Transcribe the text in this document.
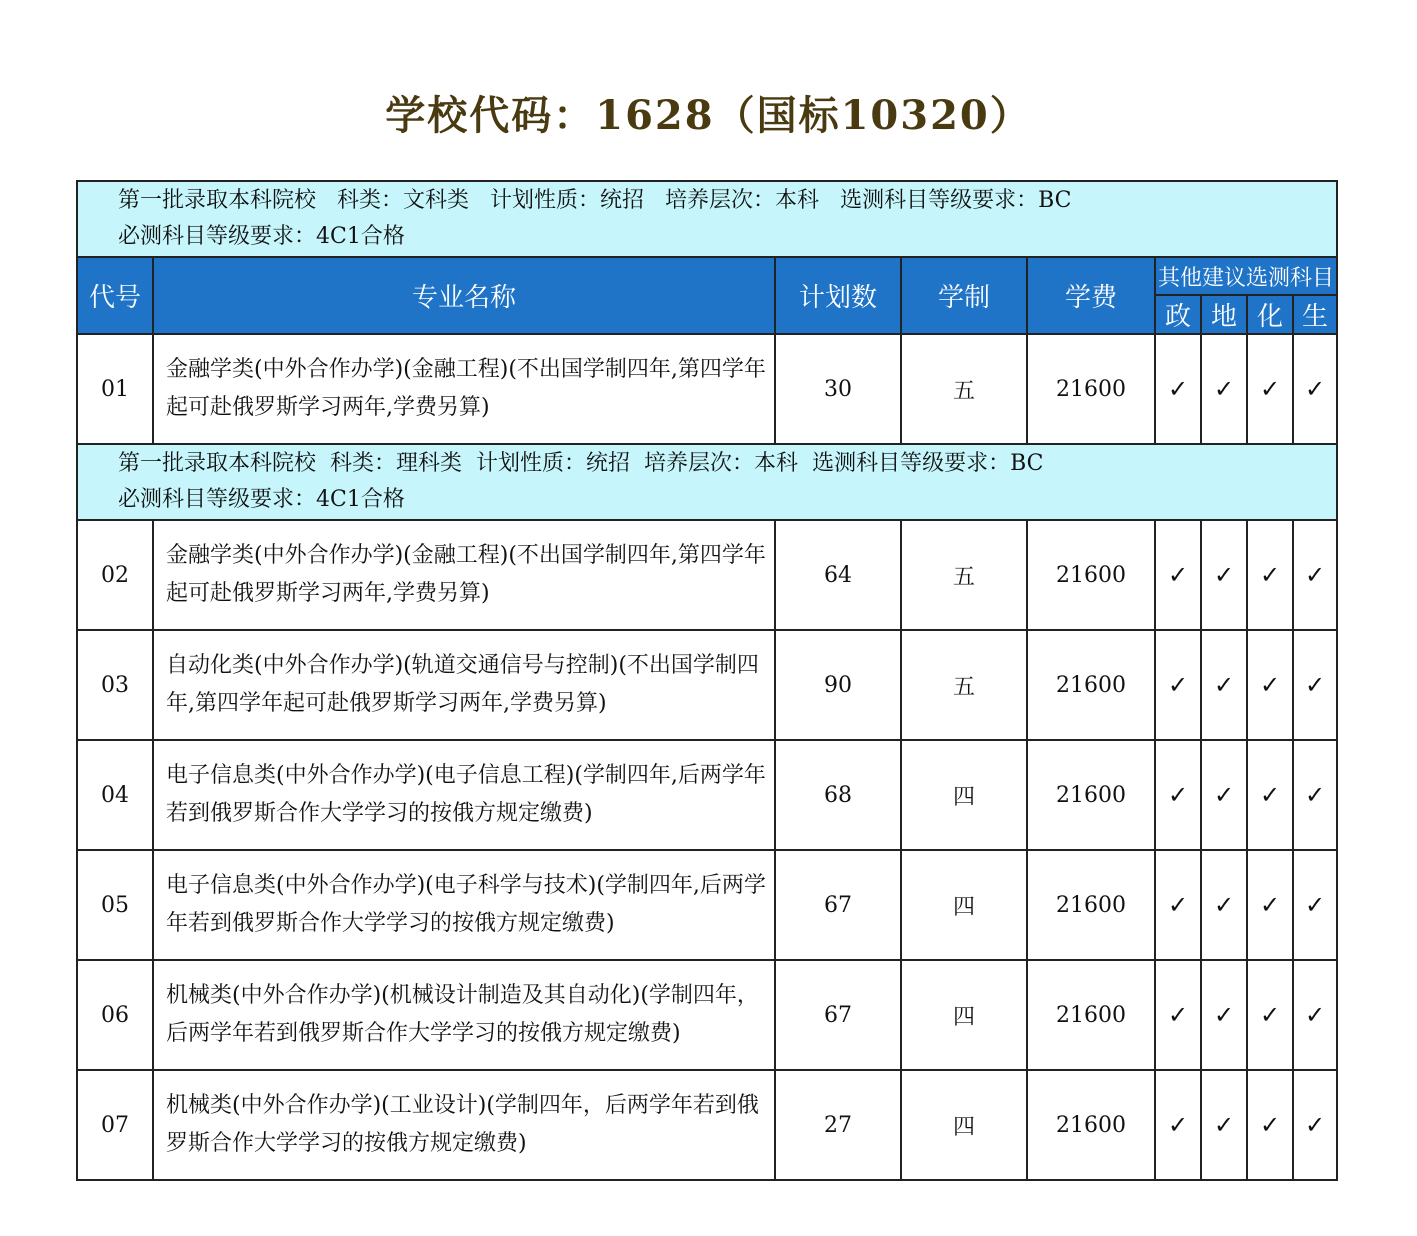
学校代码：1628（国标10320）
第一批录取本科院校 科类：文科类 计划性质：统招 培养层次：本科 选测科目等级要求：BC
必测科目等级要求：4C1合格								

代号	专业名称	计划数	学制	学费	其他建议选测科目			
					政	地	化	生
01	金融学类(中外合作办学)(金融工程)(不出国学制四年,第四学年起可赴俄罗斯学习两年,学费另算)	30	五	21600	✓	✓	✓	✓

第一批录取本科院校 科类：理科类 计划性质：统招 培养层次：本科 选测科目等级要求：BC
必测科目等级要求：4C1合格								

02	金融学类(中外合作办学)(金融工程)(不出国学制四年,第四学年起可赴俄罗斯学习两年,学费另算)	64	五	21600	✓	✓	✓	✓
03	自动化类(中外合作办学)(轨道交通信号与控制)(不出国学制四年,第四学年起可赴俄罗斯学习两年,学费另算)	90	五	21600	✓	✓	✓	✓
04	电子信息类(中外合作办学)(电子信息工程)(学制四年,后两学年若到俄罗斯合作大学学习的按俄方规定缴费)	68	四	21600	✓	✓	✓	✓
05	电子信息类(中外合作办学)(电子科学与技术)(学制四年,后两学年若到俄罗斯合作大学学习的按俄方规定缴费)	67	四	21600	✓	✓	✓	✓
06	机械类(中外合作办学)(机械设计制造及其自动化)(学制四年，后两学年若到俄罗斯合作大学学习的按俄方规定缴费)	67	四	21600	✓	✓	✓	✓
07	机械类(中外合作办学)(工业设计)(学制四年，后两学年若到俄罗斯合作大学学习的按俄方规定缴费)	27	四	21600	✓	✓	✓	✓
